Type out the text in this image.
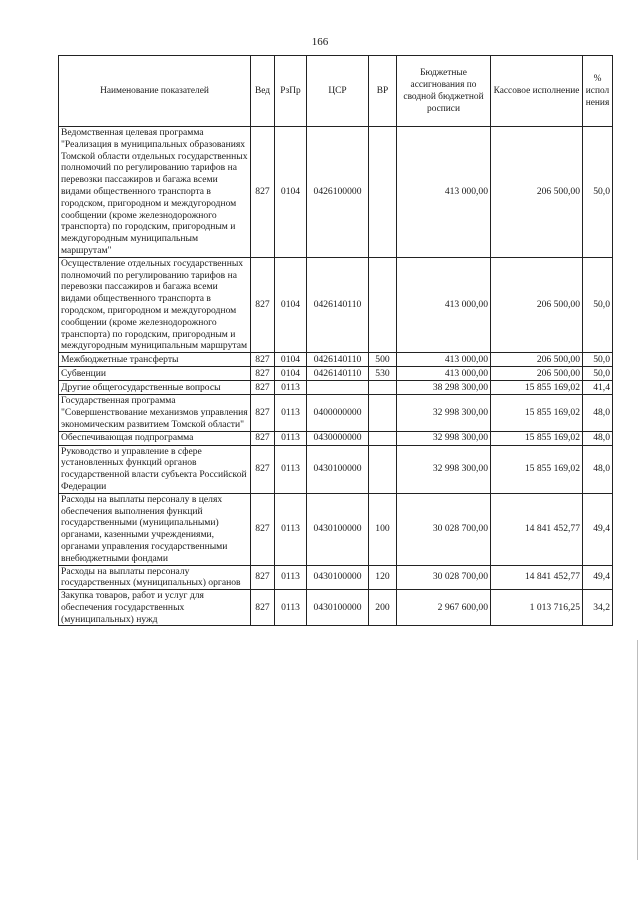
166
Наименование показателей	Вед	РзПр	ЦСР	ВР	Бюджетные ассигнования по сводной бюджетной росписи	Кассовое исполнение	% испол нения
Ведомственная целевая программа "Реализация в муниципальных образованиях Томской области отдельных государственных полномочий по регулированию тарифов на перевозки пассажиров и багажа всеми видами общественного транспорта в городском, пригородном и междугородном сообщении (кроме железнодорожного транспорта) по городским, пригородным и междугородным муниципальным маршрутам"	827	0104	0426100000		413 000,00	206 500,00	50,0
Осуществление отдельных государственных полномочий по регулированию тарифов на перевозки пассажиров и багажа всеми видами общественного транспорта в городском, пригородном и междугородном сообщении (кроме железнодорожного транспорта) по городским, пригородным и междугородным муниципальным маршрутам	827	0104	0426140110		413 000,00	206 500,00	50,0
Межбюджетные трансферты	827	0104	0426140110	500	413 000,00	206 500,00	50,0
Субвенции	827	0104	0426140110	530	413 000,00	206 500,00	50,0
Другие общегосударственные вопросы	827	0113			38 298 300,00	15 855 169,02	41,4
Государственная программа "Совершенствование механизмов управления экономическим развитием Томской области"	827	0113	0400000000		32 998 300,00	15 855 169,02	48,0
Обеспечивающая подпрограмма	827	0113	0430000000		32 998 300,00	15 855 169,02	48,0
Руководство и управление в сфере установленных функций органов государственной власти субъекта Российской Федерации	827	0113	0430100000		32 998 300,00	15 855 169,02	48,0
Расходы на выплаты персоналу в целях обеспечения выполнения функций государственными (муниципальными) органами, казенными учреждениями, органами управления государственными внебюджетными фондами	827	0113	0430100000	100	30 028 700,00	14 841 452,77	49,4
Расходы на выплаты персоналу государственных (муниципальных) органов	827	0113	0430100000	120	30 028 700,00	14 841 452,77	49,4
Закупка товаров, работ и услуг для обеспечения государственных (муниципальных) нужд	827	0113	0430100000	200	2 967 600,00	1 013 716,25	34,2
